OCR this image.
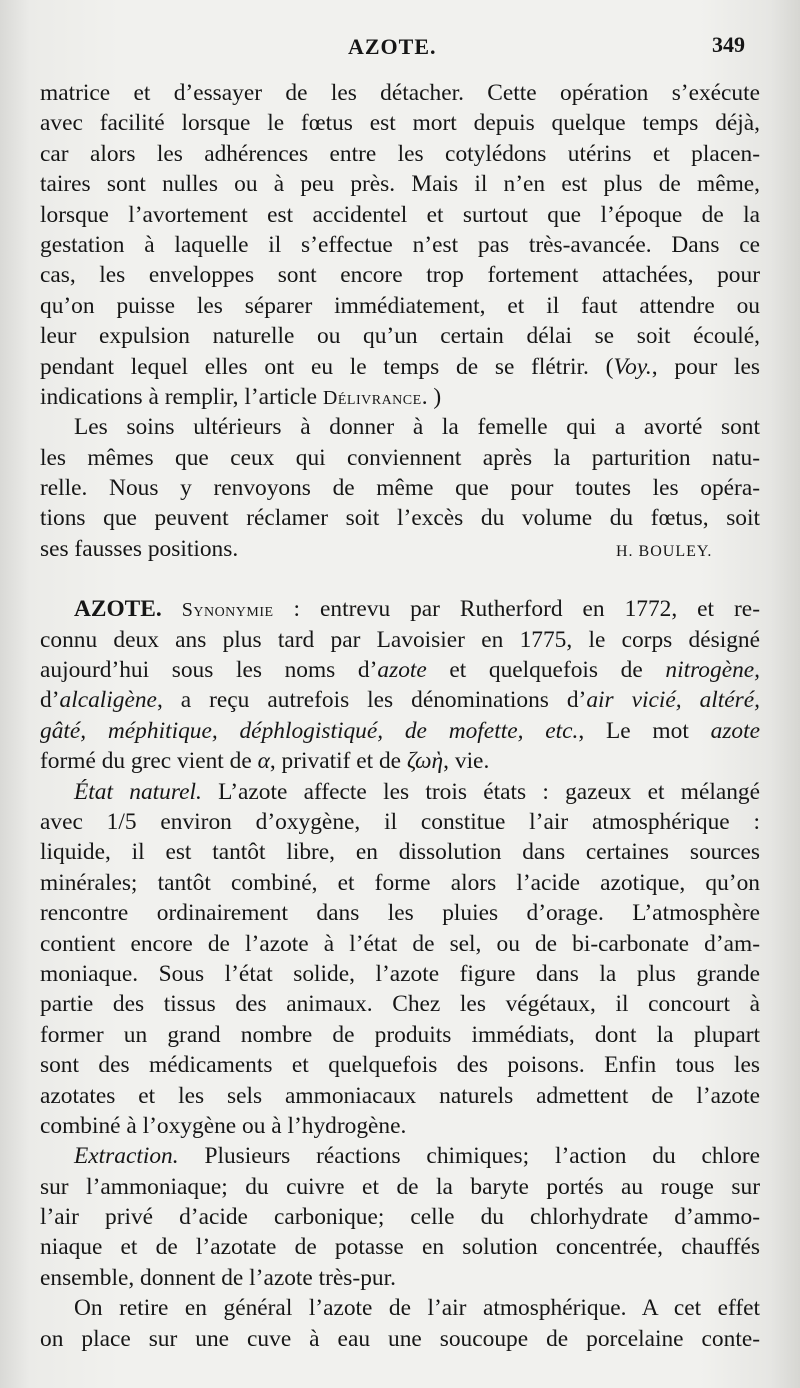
AZOTE.	349
matrice et d’essayer de les détacher. Cette opération s’exécute
avec facilité lorsque le fœtus est mort depuis quelque temps déjà,
car alors les adhérences entre les cotylédons utérins et placen-
taires sont nulles ou à peu près. Mais il n’en est plus de même,
lorsque l’avortement est accidentel et surtout que l’époque de la
gestation à laquelle il s’effectue n’est pas très-avancée. Dans ce
cas, les enveloppes sont encore trop fortement attachées, pour
qu’on puisse les séparer immédiatement, et il faut attendre ou
leur expulsion naturelle ou qu’un certain délai se soit écoulé,
pendant lequel elles ont eu le temps de se flétrir. (Voy., pour les
indications à remplir, l’article Délivrance. )
Les soins ultérieurs à donner à la femelle qui a avorté sont
les mêmes que ceux qui conviennent après la parturition natu-
relle. Nous y renvoyons de même que pour toutes les opéra-
tions que peuvent réclamer soit l’excès du volume du fœtus, soit
ses fausses positions.	H. BOULEY.
AZOTE. Synonymie : entrevu par Rutherford en 1772, et re-
connu deux ans plus tard par Lavoisier en 1775, le corps désigné
aujourd’hui sous les noms d’azote et quelquefois de nitrogène,
d’alcaligène, a reçu autrefois les dénominations d’air vicié, altéré,
gâté, méphitique, déphlogistiqué, de mofette, etc., Le mot azote
formé du grec vient de α, privatif et de ζωὴ, vie.
État naturel. L’azote affecte les trois états : gazeux et mélangé
avec 1/5 environ d’oxygène, il constitue l’air atmosphérique :
liquide, il est tantôt libre, en dissolution dans certaines sources
minérales; tantôt combiné, et forme alors l’acide azotique, qu’on
rencontre ordinairement dans les pluies d’orage. L’atmosphère
contient encore de l’azote à l’état de sel, ou de bi-carbonate d’am-
moniaque. Sous l’état solide, l’azote figure dans la plus grande
partie des tissus des animaux. Chez les végétaux, il concourt à
former un grand nombre de produits immédiats, dont la plupart
sont des médicaments et quelquefois des poisons. Enfin tous les
azotates et les sels ammoniacaux naturels admettent de l’azote
combiné à l’oxygène ou à l’hydrogène.
Extraction. Plusieurs réactions chimiques; l’action du chlore
sur l’ammoniaque; du cuivre et de la baryte portés au rouge sur
l’air privé d’acide carbonique; celle du chlorhydrate d’ammo-
niaque et de l’azotate de potasse en solution concentrée, chauffés
ensemble, donnent de l’azote très-pur.
On retire en général l’azote de l’air atmosphérique. A cet effet
on place sur une cuve à eau une soucoupe de porcelaine conte-
